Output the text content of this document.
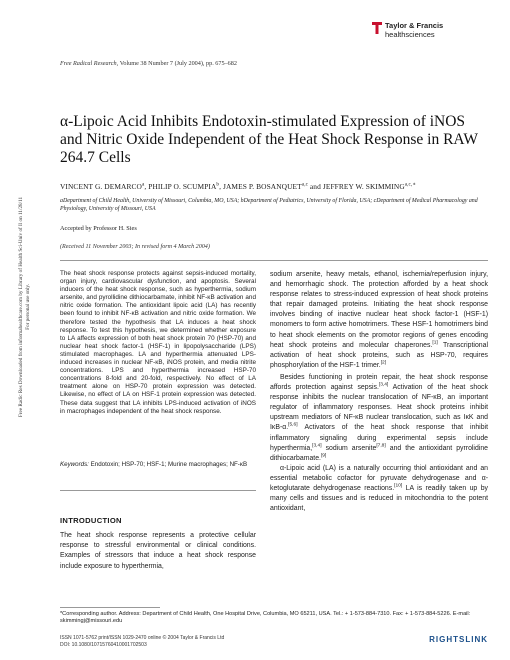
Free Radic Res Downloaded from informahealthcare.com by Library of Health Sci-Univ of Il on 11/28/11 For personal use only.
Free Radical Research, Volume 38 Number 7 (July 2004), pp. 675–682
Taylor & Francis
healthsciences
α-Lipoic Acid Inhibits Endotoxin-stimulated Expression of iNOS and Nitric Oxide Independent of the Heat Shock Response in RAW 264.7 Cells
VINCENT G. DEMARCO$^a$, PHILIP O. SCUMPIA$^b$, JAMES P. BOSANQUET$^{a,c}$ and JEFFREY W. $SKIMMING^{a,c,∗}$
aDepartment of Child Health, University of Missouri, Columbia, MO, USA; bDepartment of Pediatrics, University of Florida, USA; cDepartment of Medical Pharmacology and Physiology, University of Missouri, USA
Accepted by Professor H. Sies
(Received 11 November 2003; In revised form 4 March 2004)
The heat shock response protects against sepsis-induced mortality, organ injury, cardiovascular dysfunction, and apoptosis. Several inducers of the heat shock response, such as hyperthermia, sodium arsenite, and pyrollidine dithiocarbamate, inhibit NF-κB activation and nitric oxide formation. The antioxidant lipoic acid (LA) has recently been found to inhibit NF-κB activation and nitric oxide formation. We therefore tested the hypothesis that LA induces a heat shock response. To test this hypothesis, we determined whether exposure to LA affects expression of both heat shock protein 70 (HSP-70) and nuclear heat shock factor-1 (HSF-1) in lipopolysaccharide (LPS) stimulated macrophages. LA and hyperthermia attenuated LPS-induced increases in nuclear NF-κB, iNOS protein, and media nitrite concentrations. LPS and hyperthermia increased HSP-70 concentrations 8-fold and 20-fold, respectively. No effect of LA treatment alone on HSP-70 protein expression was detected. Likewise, no effect of LA on HSF-1 protein expression was detected. These data suggest that LA inhibits LPS-induced activation of iNOS in macrophages independent of the heat shock response.
Keywords: Endotoxin; HSP-70; HSF-1; Murine macrophages; NF-κB
INTRODUCTION
The heat shock response represents a protective cellular response to stressful environmental or clinical conditions. Examples of stressors that induce a heat shock response include exposure to hyperthermia,

sodium arsenite, heavy metals, ethanol, ischemia/reperfusion injury, and hemorrhagic shock. The protection afforded by a heat shock response relates to stress-induced expression of heat shock proteins that repair damaged proteins. Initiating the heat shock response involves binding of inactive nuclear heat shock factor-1 (HSF-1) monomers to form active homotrimers. These HSF-1 homotrimers bind to heat shock elements on the promotor regions of genes encoding heat shock proteins and molecular chaperones.[1] Transcriptional activation of heat shock proteins, such as HSP-70, requires phosphorylation of the HSF-1 trimer.[2]

Besides functioning in protein repair, the heat shock response affords protection against sepsis.[3,4] Activation of the heat shock response inhibits the nuclear translocation of NF-κB, an important regulator of inflammatory responses. Heat shock proteins inhibit upstream mediators of NF-κB nuclear translocation, such as IκK and IκB-α.[5,6] Activators of the heat shock response that inhibit inflammatory signaling during experimental sepsis include hyperthermia,[3,4] sodium arsenite[7,8] and the antioxidant pyrrolidine dithiocarbamate.[9]

α-Lipoic acid (LA) is a naturally occurring thiol antioxidant and an essential metabolic cofactor for pyruvate dehydrogenase and α-ketoglutarate dehydrogenase reactions.[10] LA is readily taken up by many cells and tissues and is reduced in mitochondria to the potent antioxidant,

*Corresponding author. Address: Department of Child Health, One Hospital Drive, Columbia, MO 65211, USA. Tel.: + 1-573-884-7310. Fax: + 1-573-884-5226. E-mail: skimmingj@missouri.edu
ISSN 1071-5762 print/ISSN 1029-2470 online © 2004 Taylor & Francis Ltd
DOI: 10.1080/10715760410001702503
RIGHTSLINK
